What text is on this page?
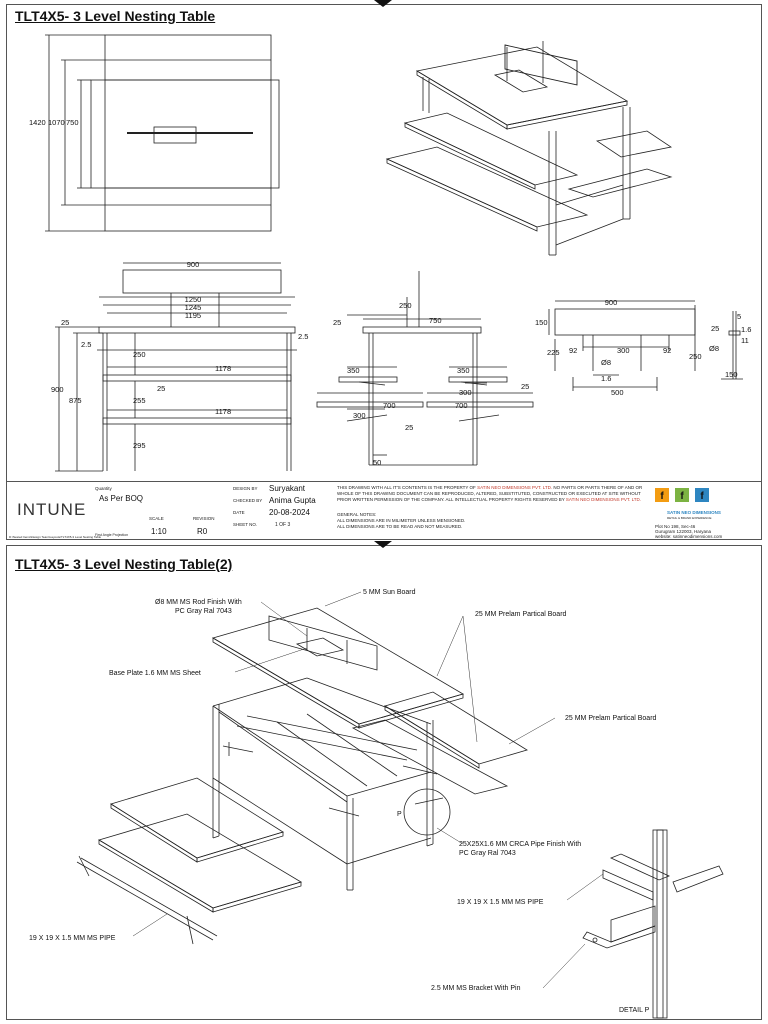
TLT4X5- 3 Level Nesting Table
1420 1070 750
900
1250
1245
1195
25
2.5
2.5
250
1178
25
255
1178
295
900
875
250
25	750
350	350
300
25
700	700
300
25
50
900
150
225 92	300	92
Ø8
1.6
500
250
5
25	1.6
11
Ø8
150
INTUNE
Quantity
As Per BOQ
SCALE
1:10
REVISION
R0
First Angle Projection
D:\Nested Items\Design Team\Layouts\TLT4X5-3 Level Nesting Table
DESIGN BY Suryakant
CHECKED BY Anima Gupta
DATE	20-08-2024
SHEET NO.	1 OF 3
THIS DRAWING WITH ALL IT'S CONTENTS IS THE PROPERTY OF SATIN NEO DIMENSIONS PVT. LTD. NO PARTS OR PARTS THERE OF AND OR
WHOLE OF THIS DRAWING DOCUMENT CAN BE REPRODUCED, ALTERED, SUBSTITUTED, CONSTRUCTED OR EXECUTED AT SITE WITHOUT
PRIOR WRITTEN PERMISSION OF THE COMPANY. ALL INTELLECTUAL PROPERTY RIGHTS RESERVED BY SATIN NEO DIMENSIONS PVT. LTD.
GENERAL NOTES:
ALL DIMENSIONS ARE IN MILIMETER UNLESS MENSIONED.
ALL DIMENSIONS ARE TO BE READ AND NOT MEASURED.
f f f
SATIN NEO DIMENSIONS
RETAIL & BRAND EXPERIENCE
Plot No 198, Sec-46
Gurugram 122003, Haryana
website: satinneodimensions.com
TLT4X5- 3 Level Nesting Table(2)
5 MM Sun Board
Ø8 MM MS Rod Finish With
PC Gray Ral 7043	25 MM Prelam Partical Board
Base Plate 1.6 MM MS Sheet
25 MM Prelam Partical Board
25X25X1.6 MM CRCA Pipe Finish With
PC Gray Ral 7043
19 X 19 X 1.5 MM MS PIPE
19 X 19 X 1.5 MM MS PIPE
2.5 MM MS Bracket With Pin
P
DETAIL P
